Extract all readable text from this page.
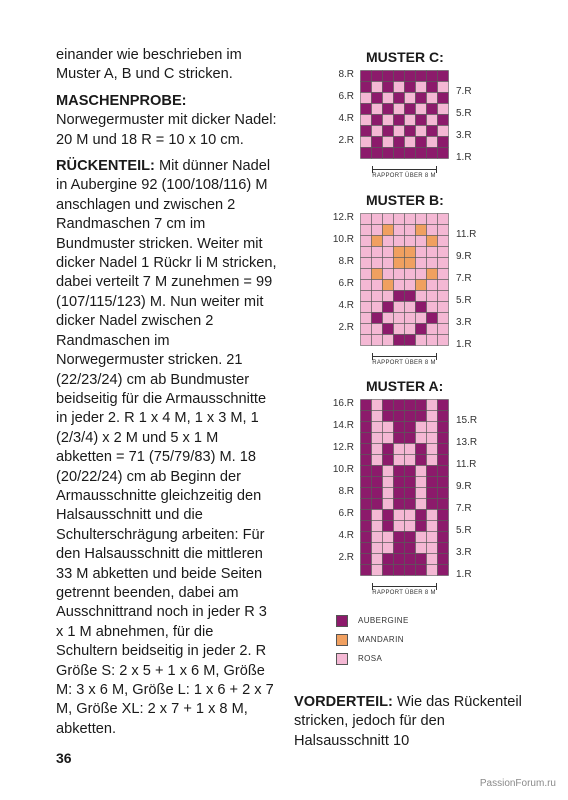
einander wie beschrieben im Muster A, B und C stricken.

MASCHENPROBE: Norwegermuster mit dicker Nadel: 20 M und 18 R = 10 x 10 cm.

RÜCKENTEIL: Mit dünner Nadel in Aubergine 92 (100/108/116) M anschlagen und zwischen 2 Randmaschen 7 cm im Bundmuster stricken. Weiter mit dicker Nadel 1 Rückr li M stricken, dabei verteilt 7 M zunehmen = 99 (107/115/123) M. Nun weiter mit dicker Nadel zwischen 2 Randmaschen im Norwegermuster stricken. 21 (22/23/24) cm ab Bundmuster beidseitig für die Armausschnitte in jeder 2. R 1 x 4 M, 1 x 3 M, 1 (2/3/4) x 2 M und 5 x 1 M abketten = 71 (75/79/83) M. 18 (20/22/24) cm ab Beginn der Armausschnitte gleichzeitig den Halsausschnitt und die Schulterschrägung arbeiten: Für den Halsausschnitt die mittleren 33 M abketten und beide Seiten getrennt beenden, dabei am Ausschnittrand noch in jeder R 3 x 1 M abnehmen, für die Schultern beidseitig in jeder 2. R Größe S: 2 x 5 + 1 x 6 M, Größe M: 3 x 6 M, Größe L: 1 x 6 + 2 x 7 M, Größe XL: 2 x 7 + 1 x 8 M, abketten.

36
PassionForum.ru
MUSTER C:
8.R
6.R
4.R
2.R
7.R
5.R
3.R
1.R
RAPPORT ÜBER 8 M
MUSTER B:
12.R
10.R
8.R
6.R
4.R
2.R
11.R
9.R
7.R
5.R
3.R
1.R
RAPPORT ÜBER 8 M
MUSTER A:
16.R
14.R
12.R
10.R
8.R
6.R
4.R
2.R
15.R
13.R
11.R
9.R
7.R
5.R
3.R
1.R
RAPPORT ÜBER 8 M
AUBERGINE
MANDARIN
ROSA
VORDERTEIL: Wie das Rückenteil stricken, jedoch für den Halsausschnitt 10
